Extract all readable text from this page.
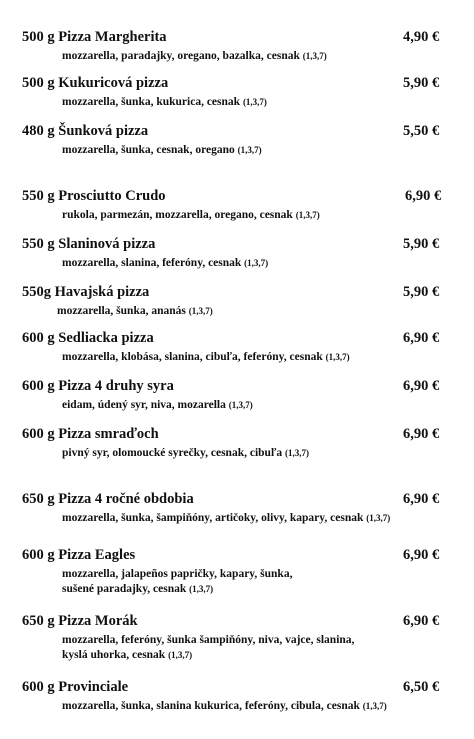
500 g Pizza Margherita	4,90 €
mozzarella, paradajky, oregano, bazalka, cesnak (1,3,7)
500 g Kukuricová pizza	5,90 €
mozzarella, šunka, kukurica, cesnak (1,3,7)
480 g Šunková pizza	5,50 €
mozzarella, šunka, cesnak, oregano (1,3,7)
550 g Prosciutto Crudo	6,90 €
rukola, parmezán, mozzarella, oregano, cesnak (1,3,7)
550 g Slaninová pizza	5,90 €
mozzarella, slanina, feferóny, cesnak (1,3,7)
550g Havajská pizza	5,90 €
mozzarella, šunka, ananás (1,3,7)
600 g Sedliacka pizza	6,90 €
mozzarella, klobása, slanina, cibuľa, feferóny, cesnak (1,3,7)
600 g Pizza 4 druhy syra	6,90 €
eidam, údený syr, niva, mozarella (1,3,7)
600 g Pizza smraďoch	6,90 €
pivný syr, olomoucké syrečky, cesnak, cibuľa (1,3,7)
650 g Pizza 4 ročné obdobia	6,90 €
mozzarella, šunka, šampiňóny, artičoky, olivy, kapary, cesnak (1,3,7)
600 g Pizza Eagles	6,90 €
mozzarella, jalapeños papričky, kapary, šunka,
sušené paradajky, cesnak (1,3,7)
650 g Pizza Morák	6,90 €
mozzarella, feferóny, šunka šampiňóny, niva, vajce, slanina,
kyslá uhorka, cesnak (1,3,7)
600 g Provinciale	6,50 €
mozzarella, šunka, slanina kukurica, feferóny, cibula, cesnak (1,3,7)
